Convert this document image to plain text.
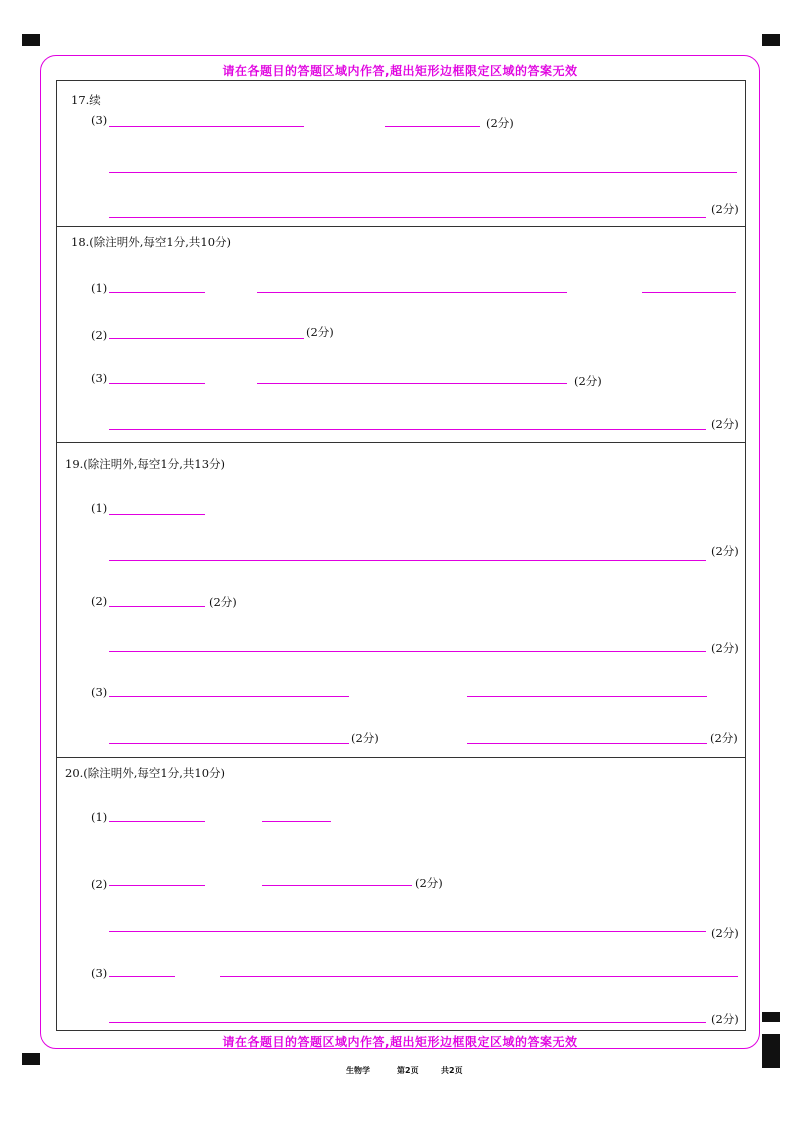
请在各题目的答题区域内作答,超出矩形边框限定区域的答案无效
请在各题目的答题区域内作答,超出矩形边框限定区域的答案无效
17.续
(3)	(2分)
(2分)
18.(除注明外,每空1分,共10分)
(1)
(2)	(2分)
(3)	(2分)
(2分)
19.(除注明外,每空1分,共13分)
(1)
(2分)
(2)	(2分)
(2分)
(3)
(2分)	(2分)
20.(除注明外,每空1分,共10分)
(1)
(2)	(2分)
(2分)
(3)
(2分)
生物学	第2页	共2页
